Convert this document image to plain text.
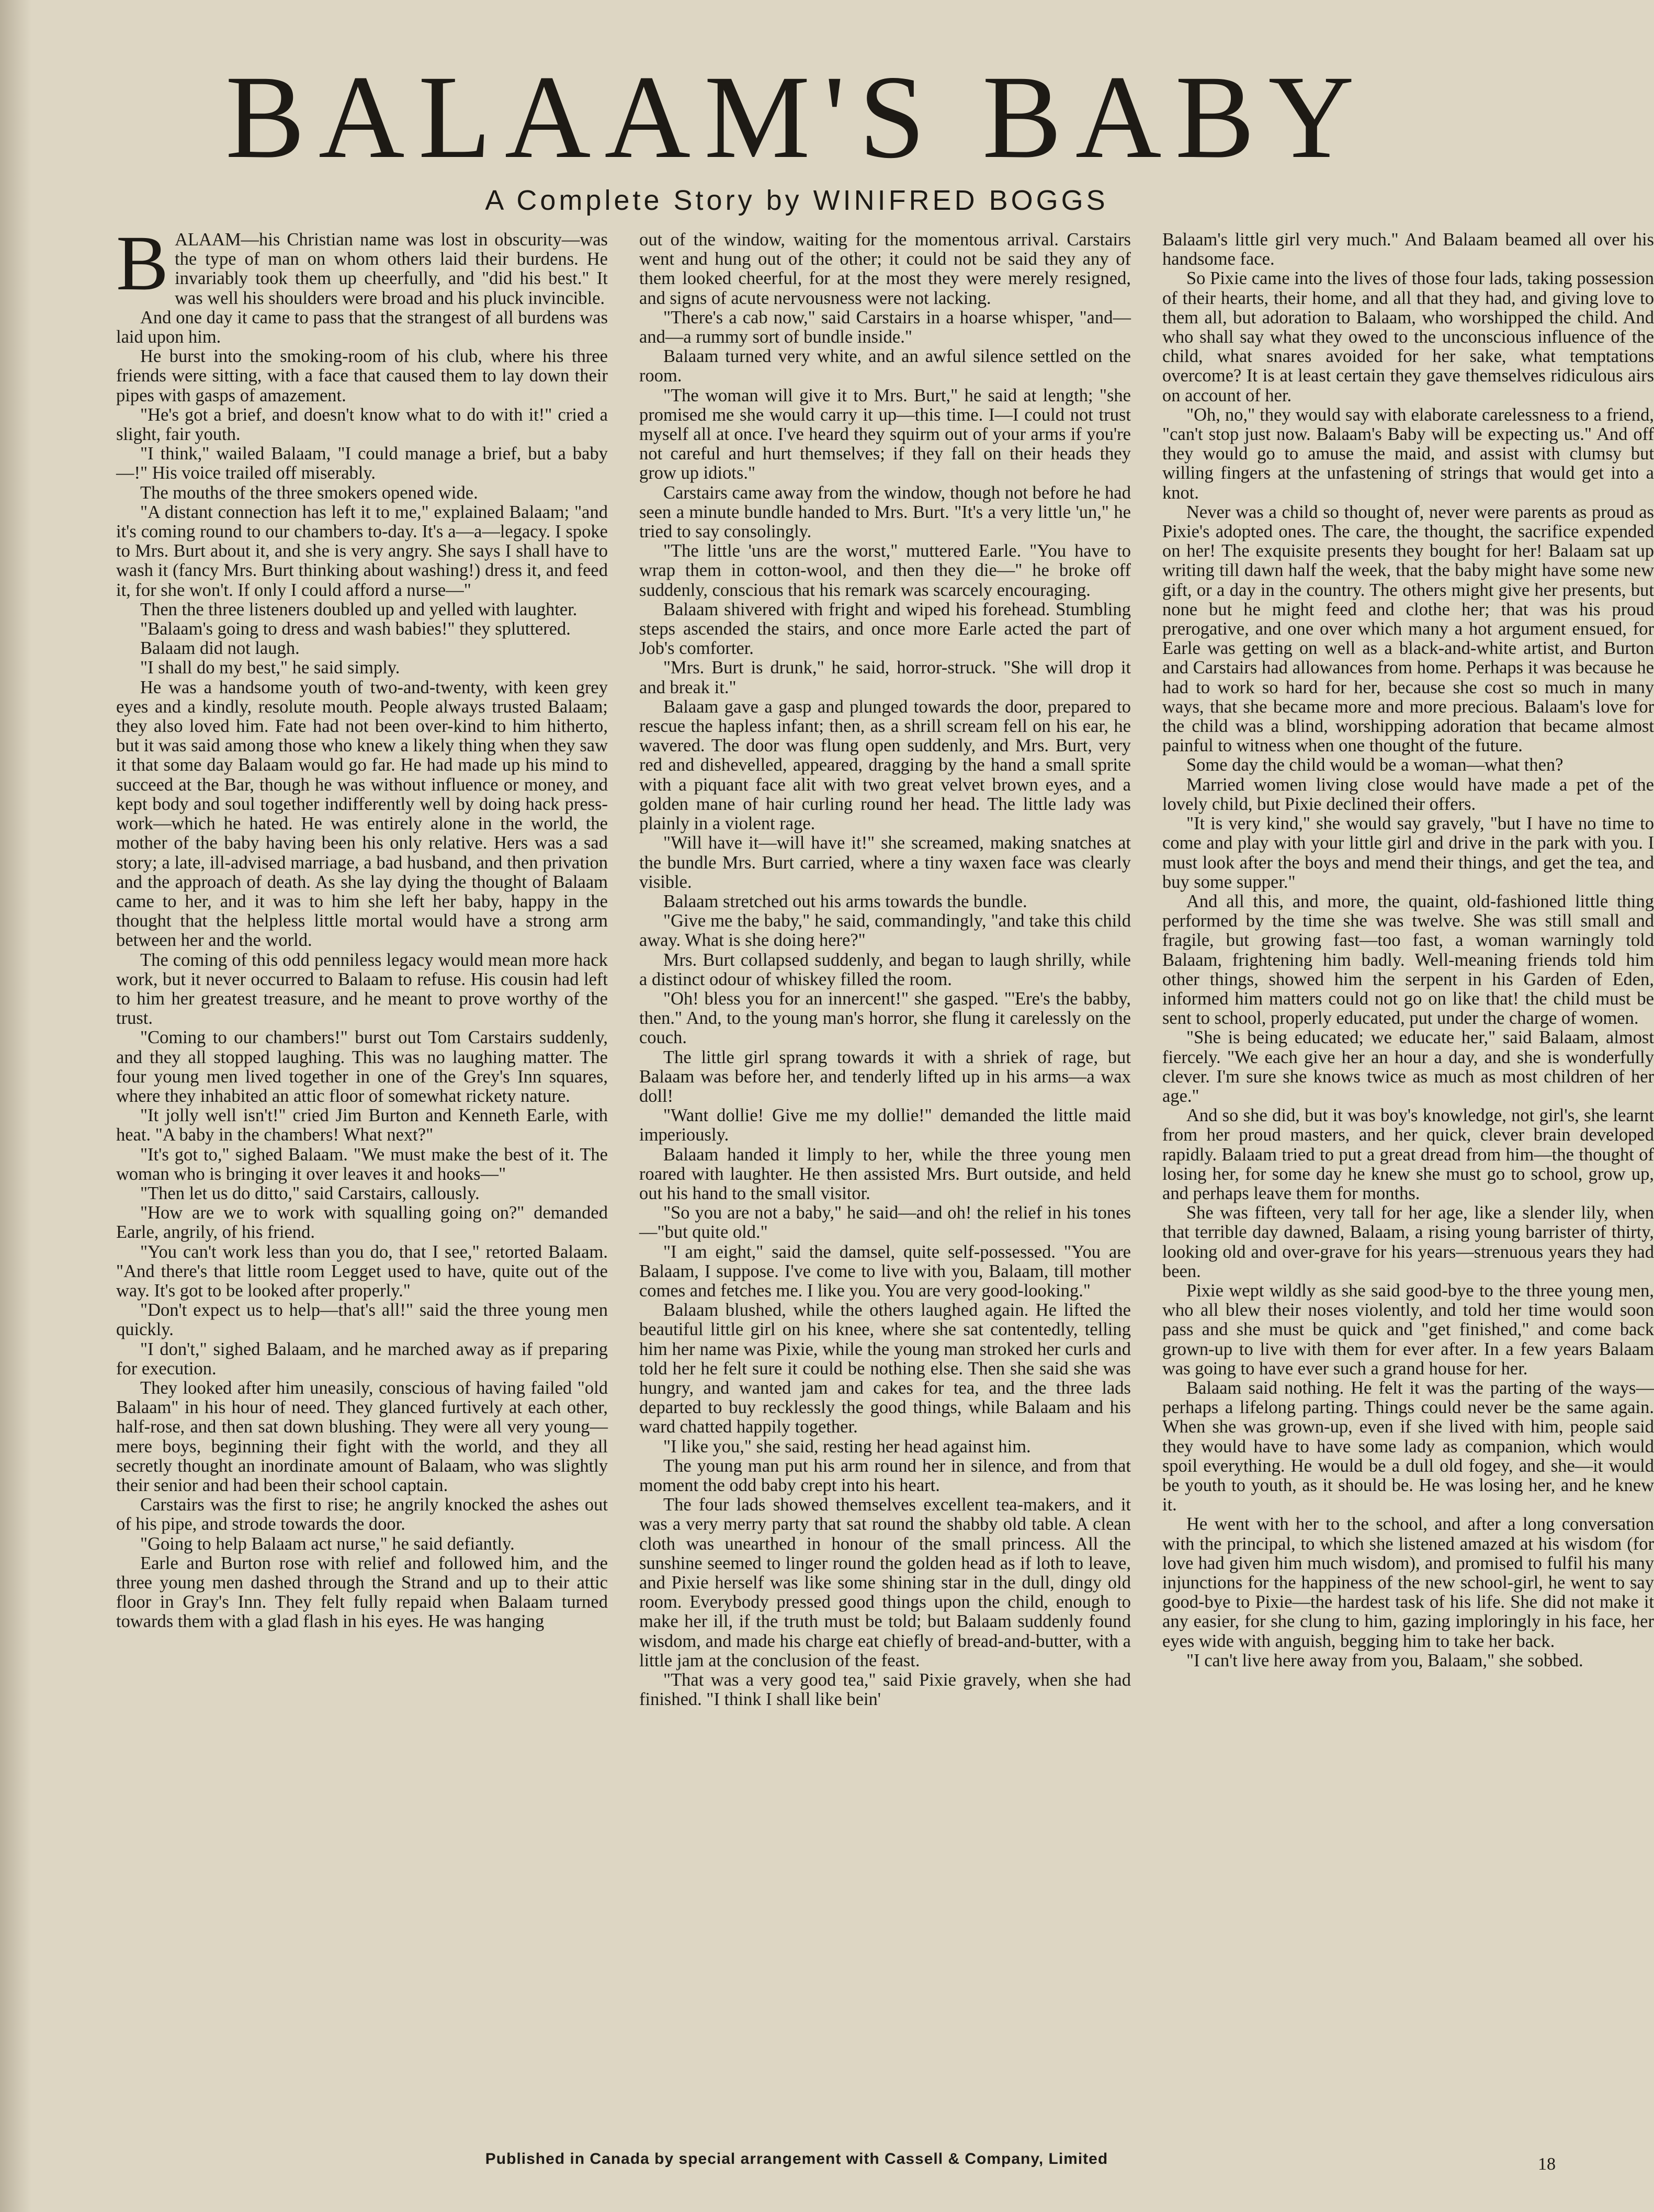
BALAAM'S BABY
A Complete Story by WINIFRED BOGGS

BALAAM—his Christian name was lost in obscurity—was the type of man on whom others laid their burdens. He invariably took them up cheerfully, and "did his best." It was well his shoulders were broad and his pluck invincible.

And one day it came to pass that the strangest of all burdens was laid upon him.

He burst into the smoking-room of his club, where his three friends were sitting, with a face that caused them to lay down their pipes with gasps of amazement.

"He's got a brief, and doesn't know what to do with it!" cried a slight, fair youth.

"I think," wailed Balaam, "I could manage a brief, but a baby—!" His voice trailed off miserably.

The mouths of the three smokers opened wide.

"A distant connection has left it to me," explained Balaam; "and it's coming round to our chambers to-day. It's a—a—legacy. I spoke to Mrs. Burt about it, and she is very angry. She says I shall have to wash it (fancy Mrs. Burt thinking about washing!) dress it, and feed it, for she won't. If only I could afford a nurse—"

Then the three listeners doubled up and yelled with laughter.

"Balaam's going to dress and wash babies!" they spluttered.

Balaam did not laugh.

"I shall do my best," he said simply.

He was a handsome youth of two-and-twenty, with keen grey eyes and a kindly, resolute mouth. People always trusted Balaam; they also loved him. Fate had not been over-kind to him hitherto, but it was said among those who knew a likely thing when they saw it that some day Balaam would go far. He had made up his mind to succeed at the Bar, though he was without influence or money, and kept body and soul together indifferently well by doing hack press-work—which he hated. He was entirely alone in the world, the mother of the baby having been his only relative. Hers was a sad story; a late, ill-advised marriage, a bad husband, and then privation and the approach of death. As she lay dying the thought of Balaam came to her, and it was to him she left her baby, happy in the thought that the helpless little mortal would have a strong arm between her and the world.

The coming of this odd penniless legacy would mean more hack work, but it never occurred to Balaam to refuse. His cousin had left to him her greatest treasure, and he meant to prove worthy of the trust.

"Coming to our chambers!" burst out Tom Carstairs suddenly, and they all stopped laughing. This was no laughing matter. The four young men lived together in one of the Grey's Inn squares, where they inhabited an attic floor of somewhat rickety nature.

"It jolly well isn't!" cried Jim Burton and Kenneth Earle, with heat. "A baby in the chambers! What next?"

"It's got to," sighed Balaam. "We must make the best of it. The woman who is bringing it over leaves it and hooks—"

"Then let us do ditto," said Carstairs, callously.

"How are we to work with squalling going on?" demanded Earle, angrily, of his friend.

"You can't work less than you do, that I see," retorted Balaam. "And there's that little room Legget used to have, quite out of the way. It's got to be looked after properly."

"Don't expect us to help—that's all!" said the three young men quickly.

"I don't," sighed Balaam, and he marched away as if preparing for execution.

They looked after him uneasily, conscious of having failed "old Balaam" in his hour of need. They glanced furtively at each other, half-rose, and then sat down blushing. They were all very young—mere boys, beginning their fight with the world, and they all secretly thought an inordinate amount of Balaam, who was slightly their senior and had been their school captain.

Carstairs was the first to rise; he angrily knocked the ashes out of his pipe, and strode towards the door.

"Going to help Balaam act nurse," he said defiantly.

Earle and Burton rose with relief and followed him, and the three young men dashed through the Strand and up to their attic floor in Gray's Inn. They felt fully repaid when Balaam turned towards them with a glad flash in his eyes. He was hanging

out of the window, waiting for the momentous arrival. Carstairs went and hung out of the other; it could not be said they any of them looked cheerful, for at the most they were merely resigned, and signs of acute nervousness were not lacking.

"There's a cab now," said Carstairs in a hoarse whisper, "and—and—a rummy sort of bundle inside."

Balaam turned very white, and an awful silence settled on the room.

"The woman will give it to Mrs. Burt," he said at length; "she promised me she would carry it up—this time. I—I could not trust myself all at once. I've heard they squirm out of your arms if you're not careful and hurt themselves; if they fall on their heads they grow up idiots."

Carstairs came away from the window, though not before he had seen a minute bundle handed to Mrs. Burt. "It's a very little 'un," he tried to say consolingly.

"The little 'uns are the worst," muttered Earle. "You have to wrap them in cotton-wool, and then they die—" he broke off suddenly, conscious that his remark was scarcely encouraging.

Balaam shivered with fright and wiped his forehead. Stumbling steps ascended the stairs, and once more Earle acted the part of Job's comforter.

"Mrs. Burt is drunk," he said, horror-struck. "She will drop it and break it."

Balaam gave a gasp and plunged towards the door, prepared to rescue the hapless infant; then, as a shrill scream fell on his ear, he wavered. The door was flung open suddenly, and Mrs. Burt, very red and dishevelled, appeared, dragging by the hand a small sprite with a piquant face alit with two great velvet brown eyes, and a golden mane of hair curling round her head. The little lady was plainly in a violent rage.

"Will have it—will have it!" she screamed, making snatches at the bundle Mrs. Burt carried, where a tiny waxen face was clearly visible.

Balaam stretched out his arms towards the bundle.

"Give me the baby," he said, commandingly, "and take this child away. What is she doing here?"

Mrs. Burt collapsed suddenly, and began to laugh shrilly, while a distinct odour of whiskey filled the room.

"Oh! bless you for an innercent!" she gasped. "'Ere's the babby, then." And, to the young man's horror, she flung it carelessly on the couch.

The little girl sprang towards it with a shriek of rage, but Balaam was before her, and tenderly lifted up in his arms—a wax doll!

"Want dollie! Give me my dollie!" demanded the little maid imperiously.

Balaam handed it limply to her, while the three young men roared with laughter. He then assisted Mrs. Burt outside, and held out his hand to the small visitor.

"So you are not a baby," he said—and oh! the relief in his tones—"but quite old."

"I am eight," said the damsel, quite self-possessed. "You are Balaam, I suppose. I've come to live with you, Balaam, till mother comes and fetches me. I like you. You are very good-looking."

Balaam blushed, while the others laughed again. He lifted the beautiful little girl on his knee, where she sat contentedly, telling him her name was Pixie, while the young man stroked her curls and told her he felt sure it could be nothing else. Then she said she was hungry, and wanted jam and cakes for tea, and the three lads departed to buy recklessly the good things, while Balaam and his ward chatted happily together.

"I like you," she said, resting her head against him.

The young man put his arm round her in silence, and from that moment the odd baby crept into his heart.

The four lads showed themselves excellent tea-makers, and it was a very merry party that sat round the shabby old table. A clean cloth was unearthed in honour of the small princess. All the sunshine seemed to linger round the golden head as if loth to leave, and Pixie herself was like some shining star in the dull, dingy old room. Everybody pressed good things upon the child, enough to make her ill, if the truth must be told; but Balaam suddenly found wisdom, and made his charge eat chiefly of bread-and-butter, with a little jam at the conclusion of the feast.

"That was a very good tea," said Pixie gravely, when she had finished. "I think I shall like bein'

Balaam's little girl very much." And Balaam beamed all over his handsome face.

So Pixie came into the lives of those four lads, taking possession of their hearts, their home, and all that they had, and giving love to them all, but adoration to Balaam, who worshipped the child. And who shall say what they owed to the unconscious influence of the child, what snares avoided for her sake, what temptations overcome? It is at least certain they gave themselves ridiculous airs on account of her.

"Oh, no," they would say with elaborate carelessness to a friend, "can't stop just now. Balaam's Baby will be expecting us." And off they would go to amuse the maid, and assist with clumsy but willing fingers at the unfastening of strings that would get into a knot.

Never was a child so thought of, never were parents as proud as Pixie's adopted ones. The care, the thought, the sacrifice expended on her! The exquisite presents they bought for her! Balaam sat up writing till dawn half the week, that the baby might have some new gift, or a day in the country. The others might give her presents, but none but he might feed and clothe her; that was his proud prerogative, and one over which many a hot argument ensued, for Earle was getting on well as a black-and-white artist, and Burton and Carstairs had allowances from home. Perhaps it was because he had to work so hard for her, because she cost so much in many ways, that she became more and more precious. Balaam's love for the child was a blind, worshipping adoration that became almost painful to witness when one thought of the future.

Some day the child would be a woman—what then?

Married women living close would have made a pet of the lovely child, but Pixie declined their offers.

"It is very kind," she would say gravely, "but I have no time to come and play with your little girl and drive in the park with you. I must look after the boys and mend their things, and get the tea, and buy some supper."

And all this, and more, the quaint, old-fashioned little thing performed by the time she was twelve. She was still small and fragile, but growing fast—too fast, a woman warningly told Balaam, frightening him badly. Well-meaning friends told him other things, showed him the serpent in his Garden of Eden, informed him matters could not go on like that! the child must be sent to school, properly educated, put under the charge of women.

"She is being educated; we educate her," said Balaam, almost fiercely. "We each give her an hour a day, and she is wonderfully clever. I'm sure she knows twice as much as most children of her age."

And so she did, but it was boy's knowledge, not girl's, she learnt from her proud masters, and her quick, clever brain developed rapidly. Balaam tried to put a great dread from him—the thought of losing her, for some day he knew she must go to school, grow up, and perhaps leave them for months.

She was fifteen, very tall for her age, like a slender lily, when that terrible day dawned, Balaam, a rising young barrister of thirty, looking old and over-grave for his years—strenuous years they had been.

Pixie wept wildly as she said good-bye to the three young men, who all blew their noses violently, and told her time would soon pass and she must be quick and "get finished," and come back grown-up to live with them for ever after. In a few years Balaam was going to have ever such a grand house for her.

Balaam said nothing. He felt it was the parting of the ways—perhaps a lifelong parting. Things could never be the same again. When she was grown-up, even if she lived with him, people said they would have to have some lady as companion, which would spoil everything. He would be a dull old fogey, and she—it would be youth to youth, as it should be. He was losing her, and he knew it.

He went with her to the school, and after a long conversation with the principal, to which she listened amazed at his wisdom (for love had given him much wisdom), and promised to fulfil his many injunctions for the happiness of the new school-girl, he went to say good-bye to Pixie—the hardest task of his life. She did not make it any easier, for she clung to him, gazing imploringly in his face, her eyes wide with anguish, begging him to take her back.

"I can't live here away from you, Balaam," she sobbed.

Published in Canada by special arrangement with Cassell & Company, Limited	18
